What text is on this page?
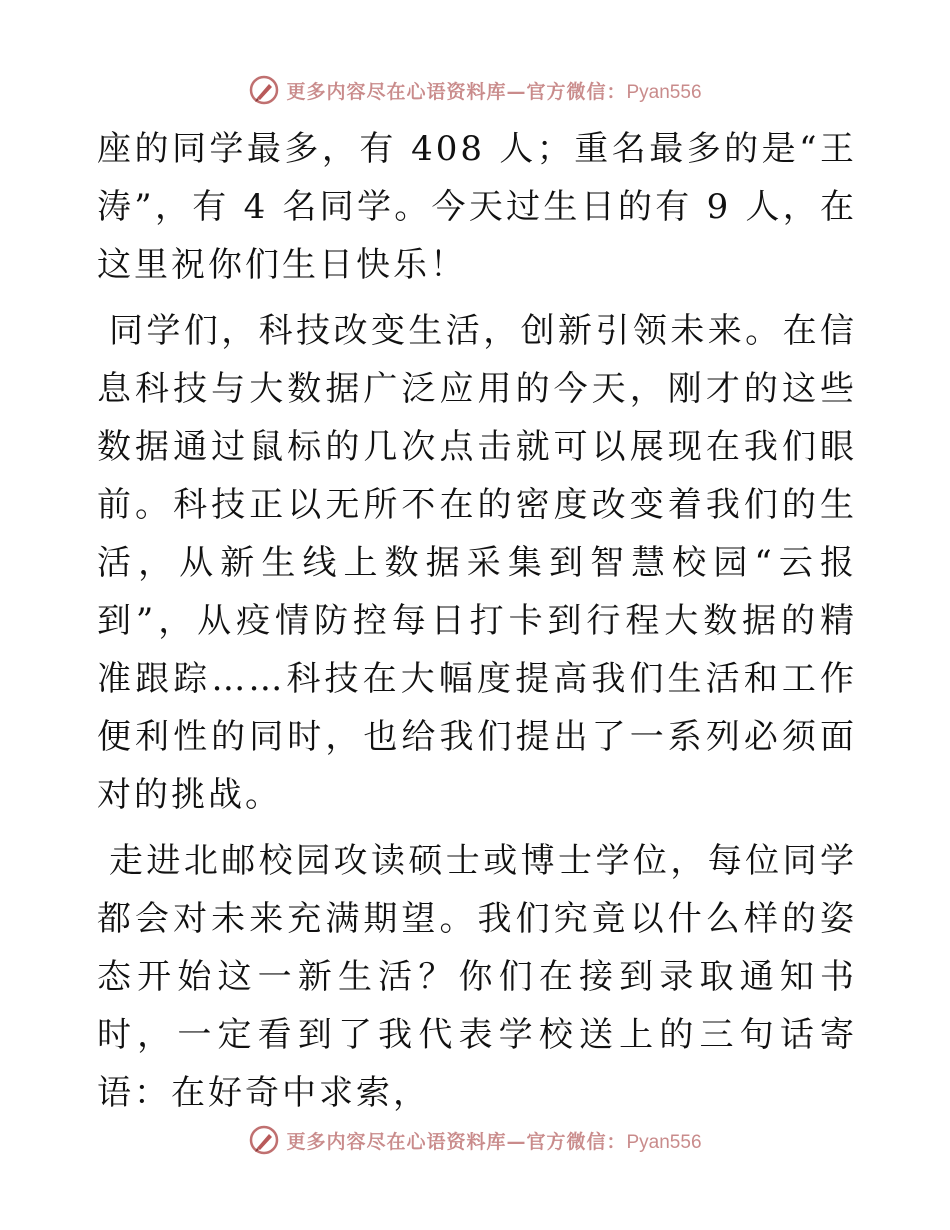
更多内容尽在心语资料库—官方微信：Pyan556

座的同学最多，有 408 人；重名最多的是“王涛”，有 4 名同学。今天过生日的有 9 人，在这里祝你们生日快乐！

同学们，科技改变生活，创新引领未来。在信息科技与大数据广泛应用的今天，刚才的这些数据通过鼠标的几次点击就可以展现在我们眼前。科技正以无所不在的密度改变着我们的生活，从新生线上数据采集到智慧校园“云报到”，从疫情防控每日打卡到行程大数据的精准跟踪……科技在大幅度提高我们生活和工作便利性的同时，也给我们提出了一系列必须面对的挑战。

走进北邮校园攻读硕士或博士学位，每位同学都会对未来充满期望。我们究竟以什么样的姿态开始这一新生活？你们在接到录取通知书时，一定看到了我代表学校送上的三句话寄语：在好奇中求索，

更多内容尽在心语资料库—官方微信：Pyan556
